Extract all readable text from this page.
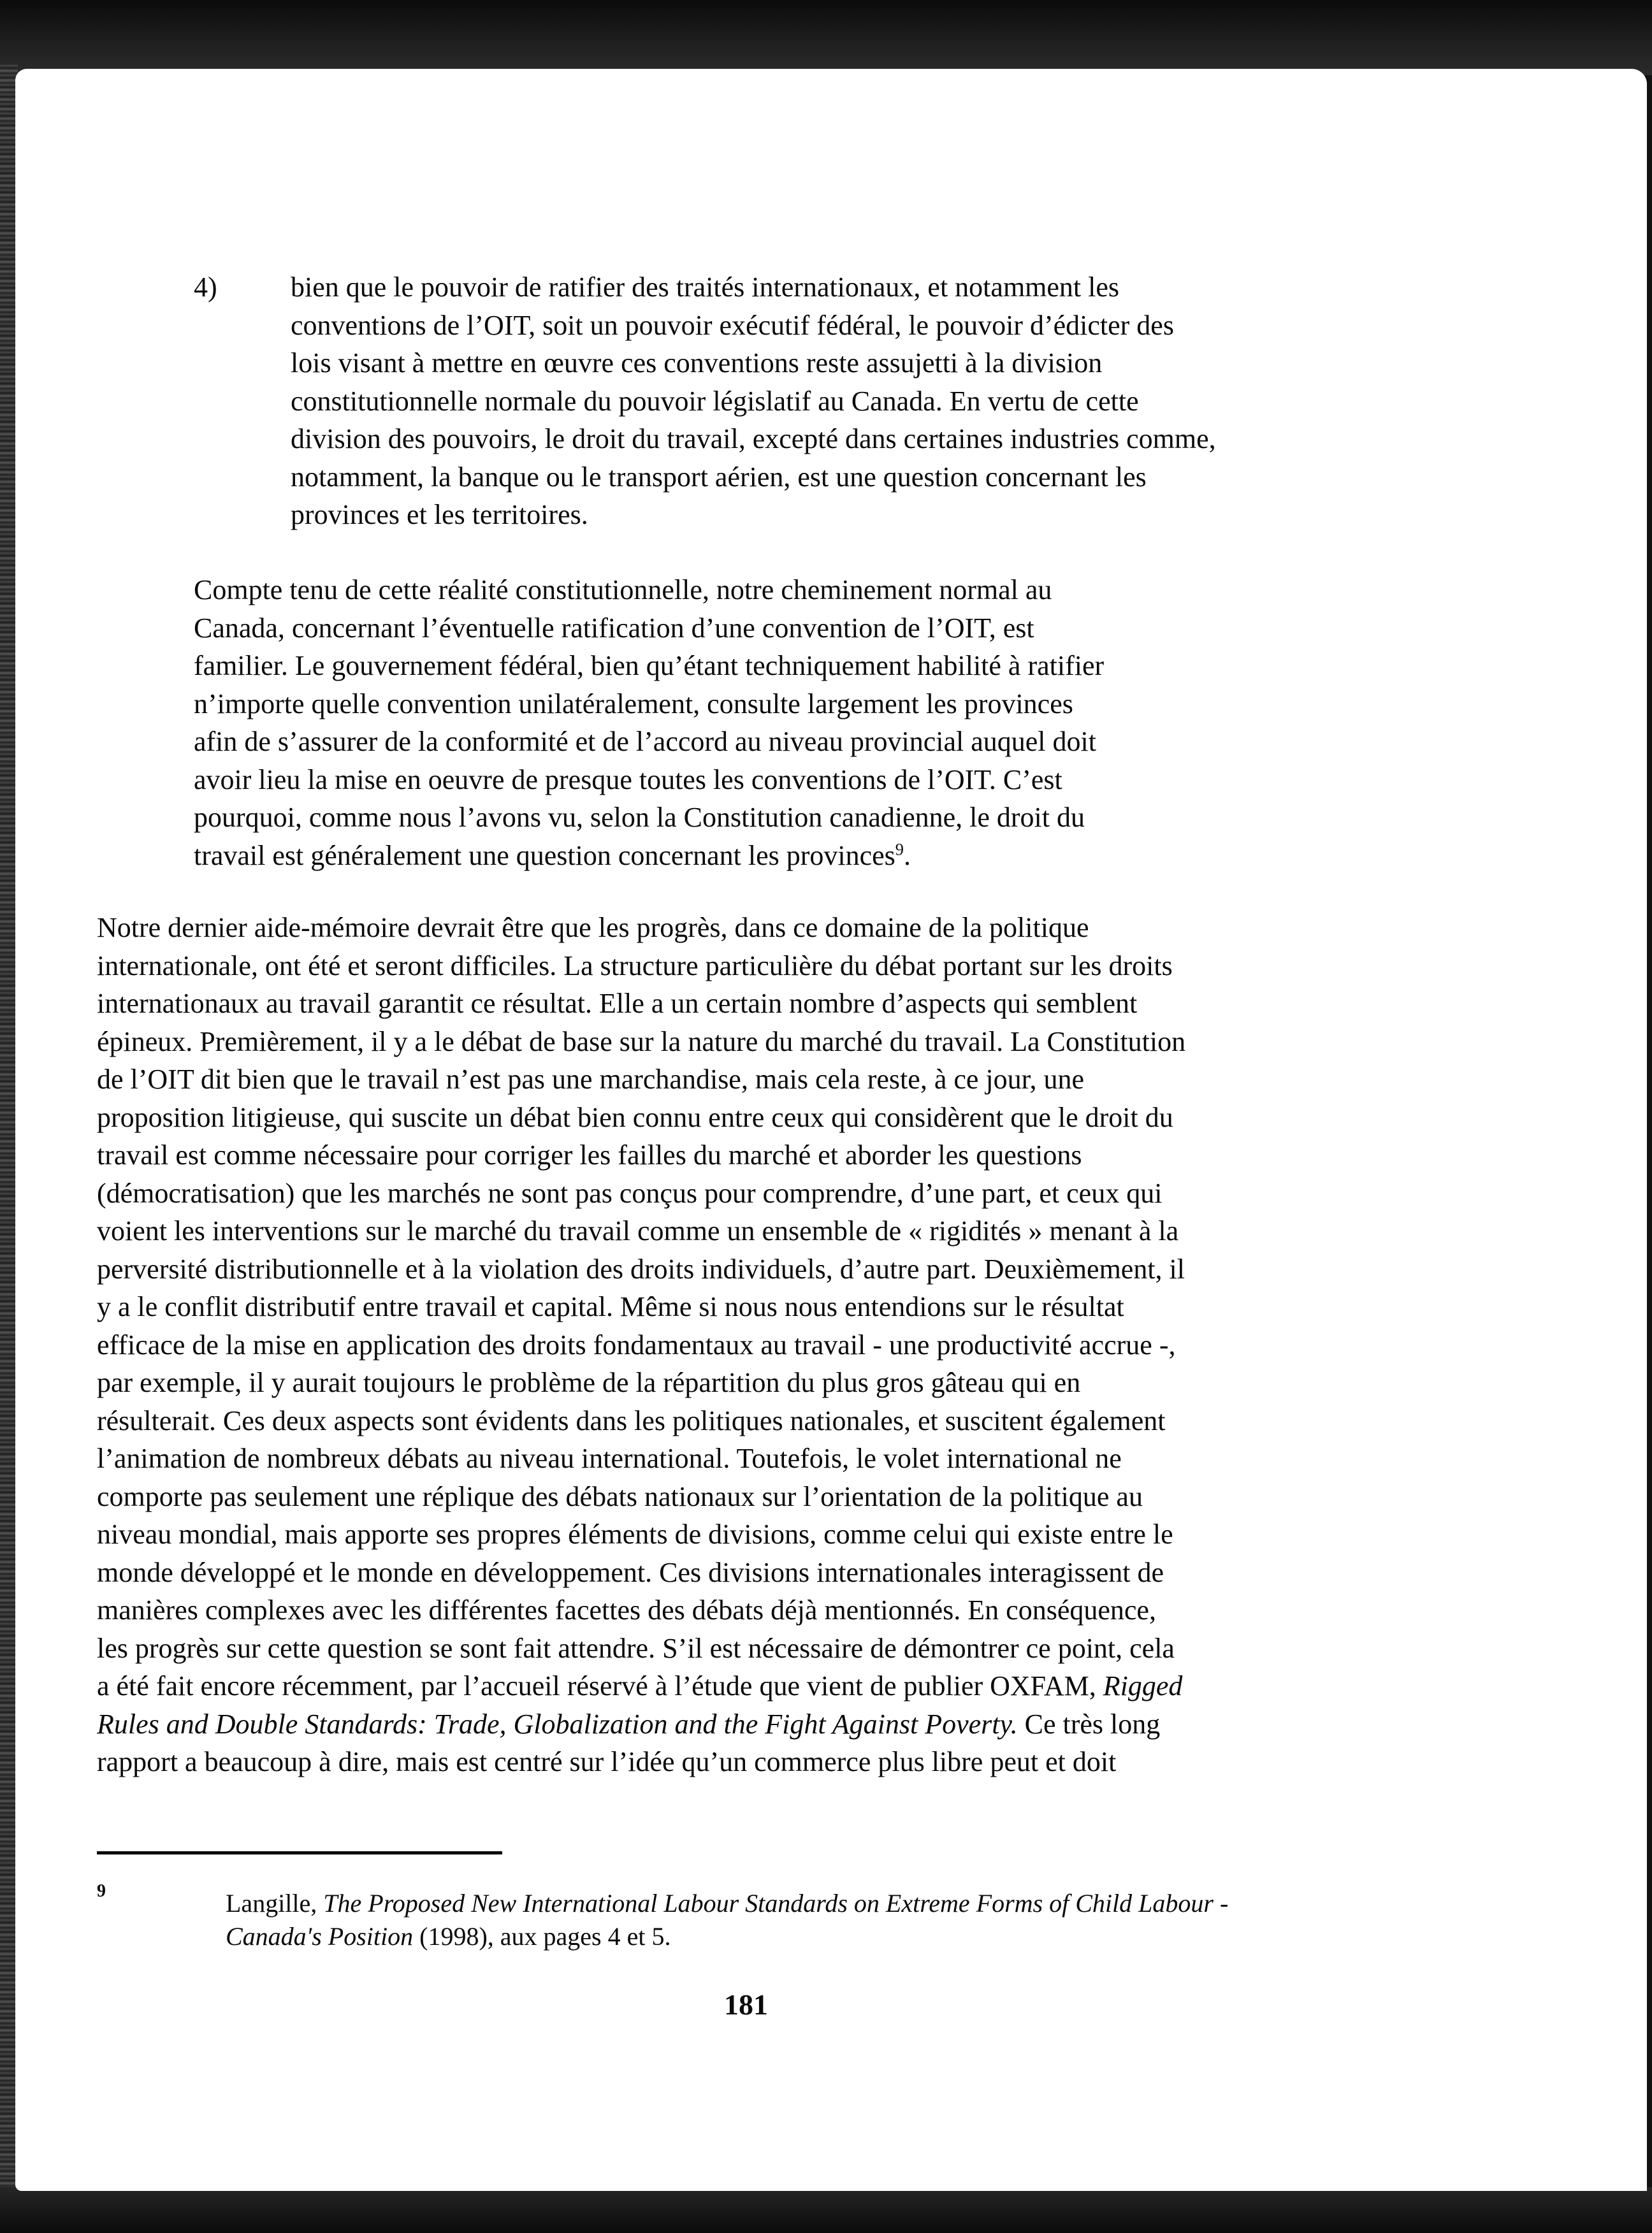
4)	bien que le pouvoir de ratifier des traités internationaux, et notamment les
conventions de l’OIT, soit un pouvoir exécutif fédéral, le pouvoir d’édicter des
lois visant à mettre en œuvre ces conventions reste assujetti à la division
constitutionnelle normale du pouvoir législatif au Canada. En vertu de cette
division des pouvoirs, le droit du travail, excepté dans certaines industries comme,
notamment, la banque ou le transport aérien, est une question concernant les
provinces et les territoires.
Compte tenu de cette réalité constitutionnelle, notre cheminement normal au
Canada, concernant l’éventuelle ratification d’une convention de l’OIT, est
familier. Le gouvernement fédéral, bien qu’étant techniquement habilité à ratifier
n’importe quelle convention unilatéralement, consulte largement les provinces
afin de s’assurer de la conformité et de l’accord au niveau provincial auquel doit
avoir lieu la mise en oeuvre de presque toutes les conventions de l’OIT. C’est
pourquoi, comme nous l’avons vu, selon la Constitution canadienne, le droit du
travail est généralement une question concernant les provinces$^9$.
Notre dernier aide-mémoire devrait être que les progrès, dans ce domaine de la politique
internationale, ont été et seront difficiles. La structure particulière du débat portant sur les droits
internationaux au travail garantit ce résultat. Elle a un certain nombre d’aspects qui semblent
épineux. Premièrement, il y a le débat de base sur la nature du marché du travail. La Constitution
de l’OIT dit bien que le travail n’est pas une marchandise, mais cela reste, à ce jour, une
proposition litigieuse, qui suscite un débat bien connu entre ceux qui considèrent que le droit du
travail est comme nécessaire pour corriger les failles du marché et aborder les questions
(démocratisation) que les marchés ne sont pas conçus pour comprendre, d’une part, et ceux qui
voient les interventions sur le marché du travail comme un ensemble de « rigidités » menant à la
perversité distributionnelle et à la violation des droits individuels, d’autre part. Deuxièmement, il
y a le conflit distributif entre travail et capital. Même si nous nous entendions sur le résultat
efficace de la mise en application des droits fondamentaux au travail - une productivité accrue -,
par exemple, il y aurait toujours le problème de la répartition du plus gros gâteau qui en
résulterait. Ces deux aspects sont évidents dans les politiques nationales, et suscitent également
l’animation de nombreux débats au niveau international. Toutefois, le volet international ne
comporte pas seulement une réplique des débats nationaux sur l’orientation de la politique au
niveau mondial, mais apporte ses propres éléments de divisions, comme celui qui existe entre le
monde développé et le monde en développement. Ces divisions internationales interagissent de
manières complexes avec les différentes facettes des débats déjà mentionnés. En conséquence,
les progrès sur cette question se sont fait attendre. S’il est nécessaire de démontrer ce point, cela
a été fait encore récemment, par l’accueil réservé à l’étude que vient de publier OXFAM, Rigged
Rules and Double Standards: Trade, Globalization and the Fight Against Poverty. Ce très long
rapport a beaucoup à dire, mais est centré sur l’idée qu’un commerce plus libre peut et doit
9	Langille, The Proposed New International Labour Standards on Extreme Forms of Child Labour -
Canada's Position (1998), aux pages 4 et 5.
181
